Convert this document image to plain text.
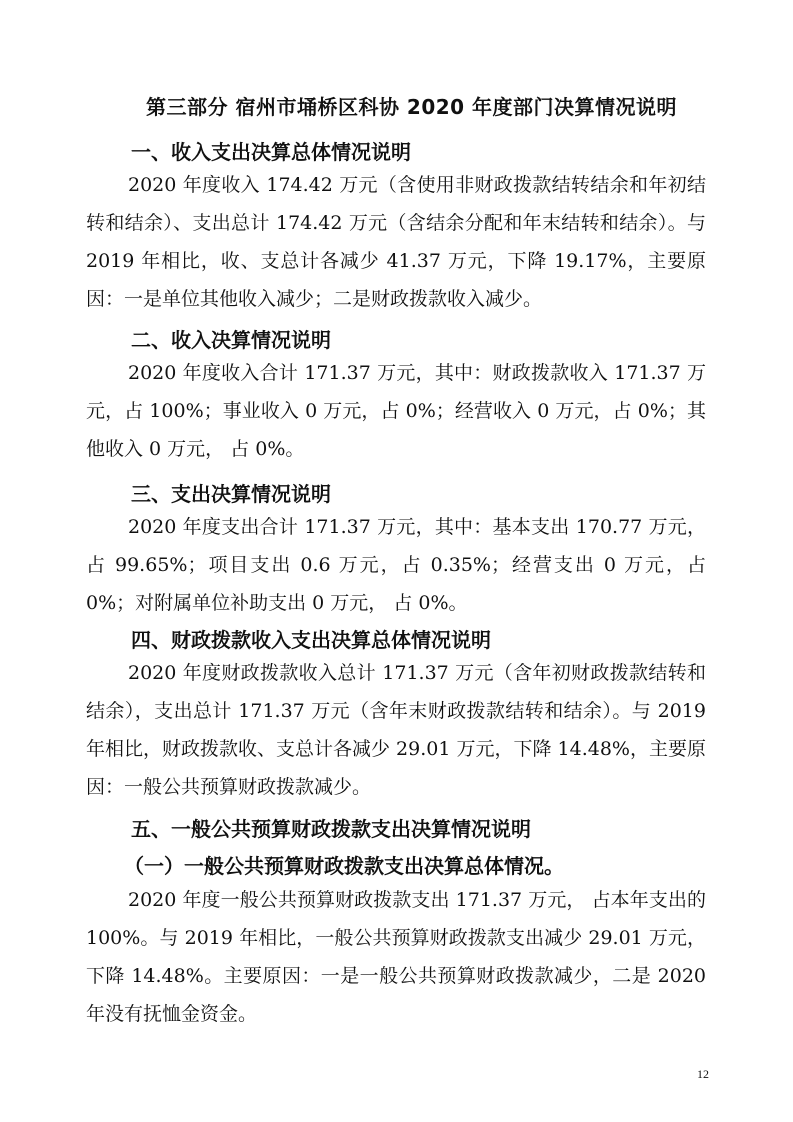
第三部分 宿州市埇桥区科协 2020 年度部门决算情况说明
一、收入支出决算总体情况说明
2020 年度收入 174.42 万元（含使用非财政拨款结转结余和年初结转和结余）、支出总计 174.42 万元（含结余分配和年末结转和结余）。与 2019 年相比，收、支总计各减少 41.37 万元，下降 19.17%，主要原因：一是单位其他收入减少；二是财政拨款收入减少。
二、收入决算情况说明
2020 年度收入合计 171.37 万元，其中：财政拨款收入 171.37 万元，占 100%；事业收入 0 万元，占 0%；经营收入 0 万元，占 0%；其他收入 0 万元， 占 0%。
三、支出决算情况说明
2020 年度支出合计 171.37 万元，其中：基本支出 170.77 万元，占 99.65%；项目支出 0.6 万元，占 0.35%；经营支出 0 万元，占 0%；对附属单位补助支出 0 万元， 占 0%。
四、财政拨款收入支出决算总体情况说明
2020 年度财政拨款收入总计 171.37 万元（含年初财政拨款结转和结余），支出总计 171.37 万元（含年末财政拨款结转和结余）。与 2019 年相比，财政拨款收、支总计各减少 29.01 万元，下降 14.48%，主要原因：一般公共预算财政拨款减少。
五、一般公共预算财政拨款支出决算情况说明
（一）一般公共预算财政拨款支出决算总体情况。
2020 年度一般公共预算财政拨款支出 171.37 万元， 占本年支出的 100%。与 2019 年相比，一般公共预算财政拨款支出减少 29.01 万元，下降 14.48%。主要原因：一是一般公共预算财政拨款减少，二是 2020 年没有抚恤金资金。
12
